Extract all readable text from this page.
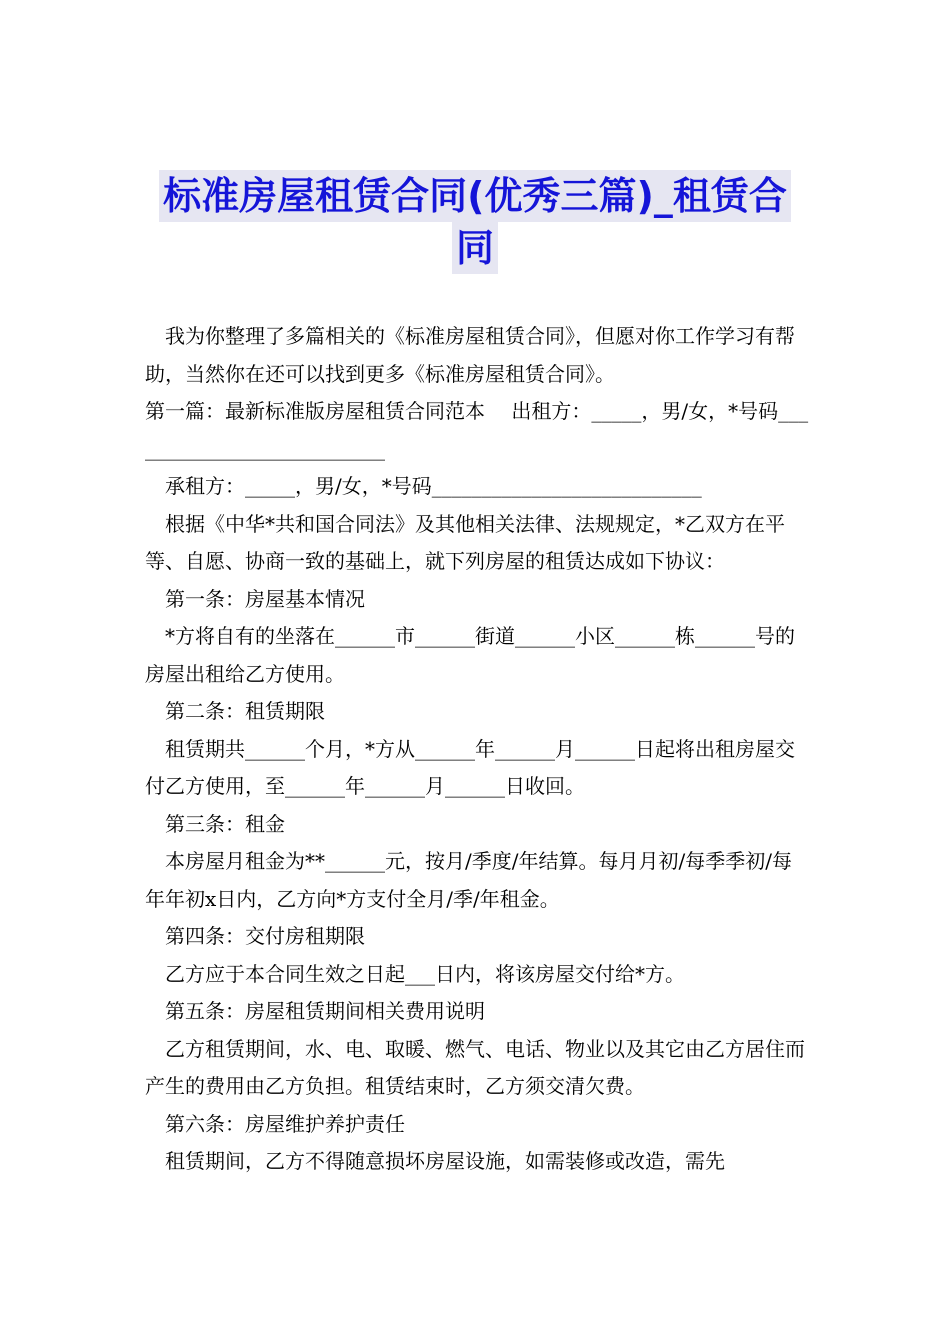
标准房屋租赁合同(优秀三篇)_租赁合
同

我为你整理了多篇相关的《标准房屋租赁合同》，但愿对你工作学习有帮助，当然你在还可以找到更多《标准房屋租赁合同》。

第一篇：最新标准版房屋租赁合同范本　 出租方：_____，男/女，*号码___________________________

承租方：_____，男/女，*号码___________________________

根据《中华*共和国合同法》及其他相关法律、法规规定，*乙双方在平等、自愿、协商一致的基础上，就下列房屋的租赁达成如下协议：

第一条：房屋基本情况

*方将自有的坐落在______市______街道______小区______栋______号的房屋出租给乙方使用。

第二条：租赁期限

租赁期共______个月，*方从______年______月______日起将出租房屋交付乙方使用，至______年______月______日收回。

第三条：租金

本房屋月租金为**______元，按月/季度/年结算。每月月初/每季季初/每年年初x日内，乙方向*方支付全月/季/年租金。

第四条：交付房租期限

乙方应于本合同生效之日起___日内，将该房屋交付给*方。

第五条：房屋租赁期间相关费用说明

乙方租赁期间，水、电、取暖、燃气、电话、物业以及其它由乙方居住而产生的费用由乙方负担。租赁结束时，乙方须交清欠费。

第六条：房屋维护养护责任

租赁期间，乙方不得随意损坏房屋设施，如需装修或改造，需先
